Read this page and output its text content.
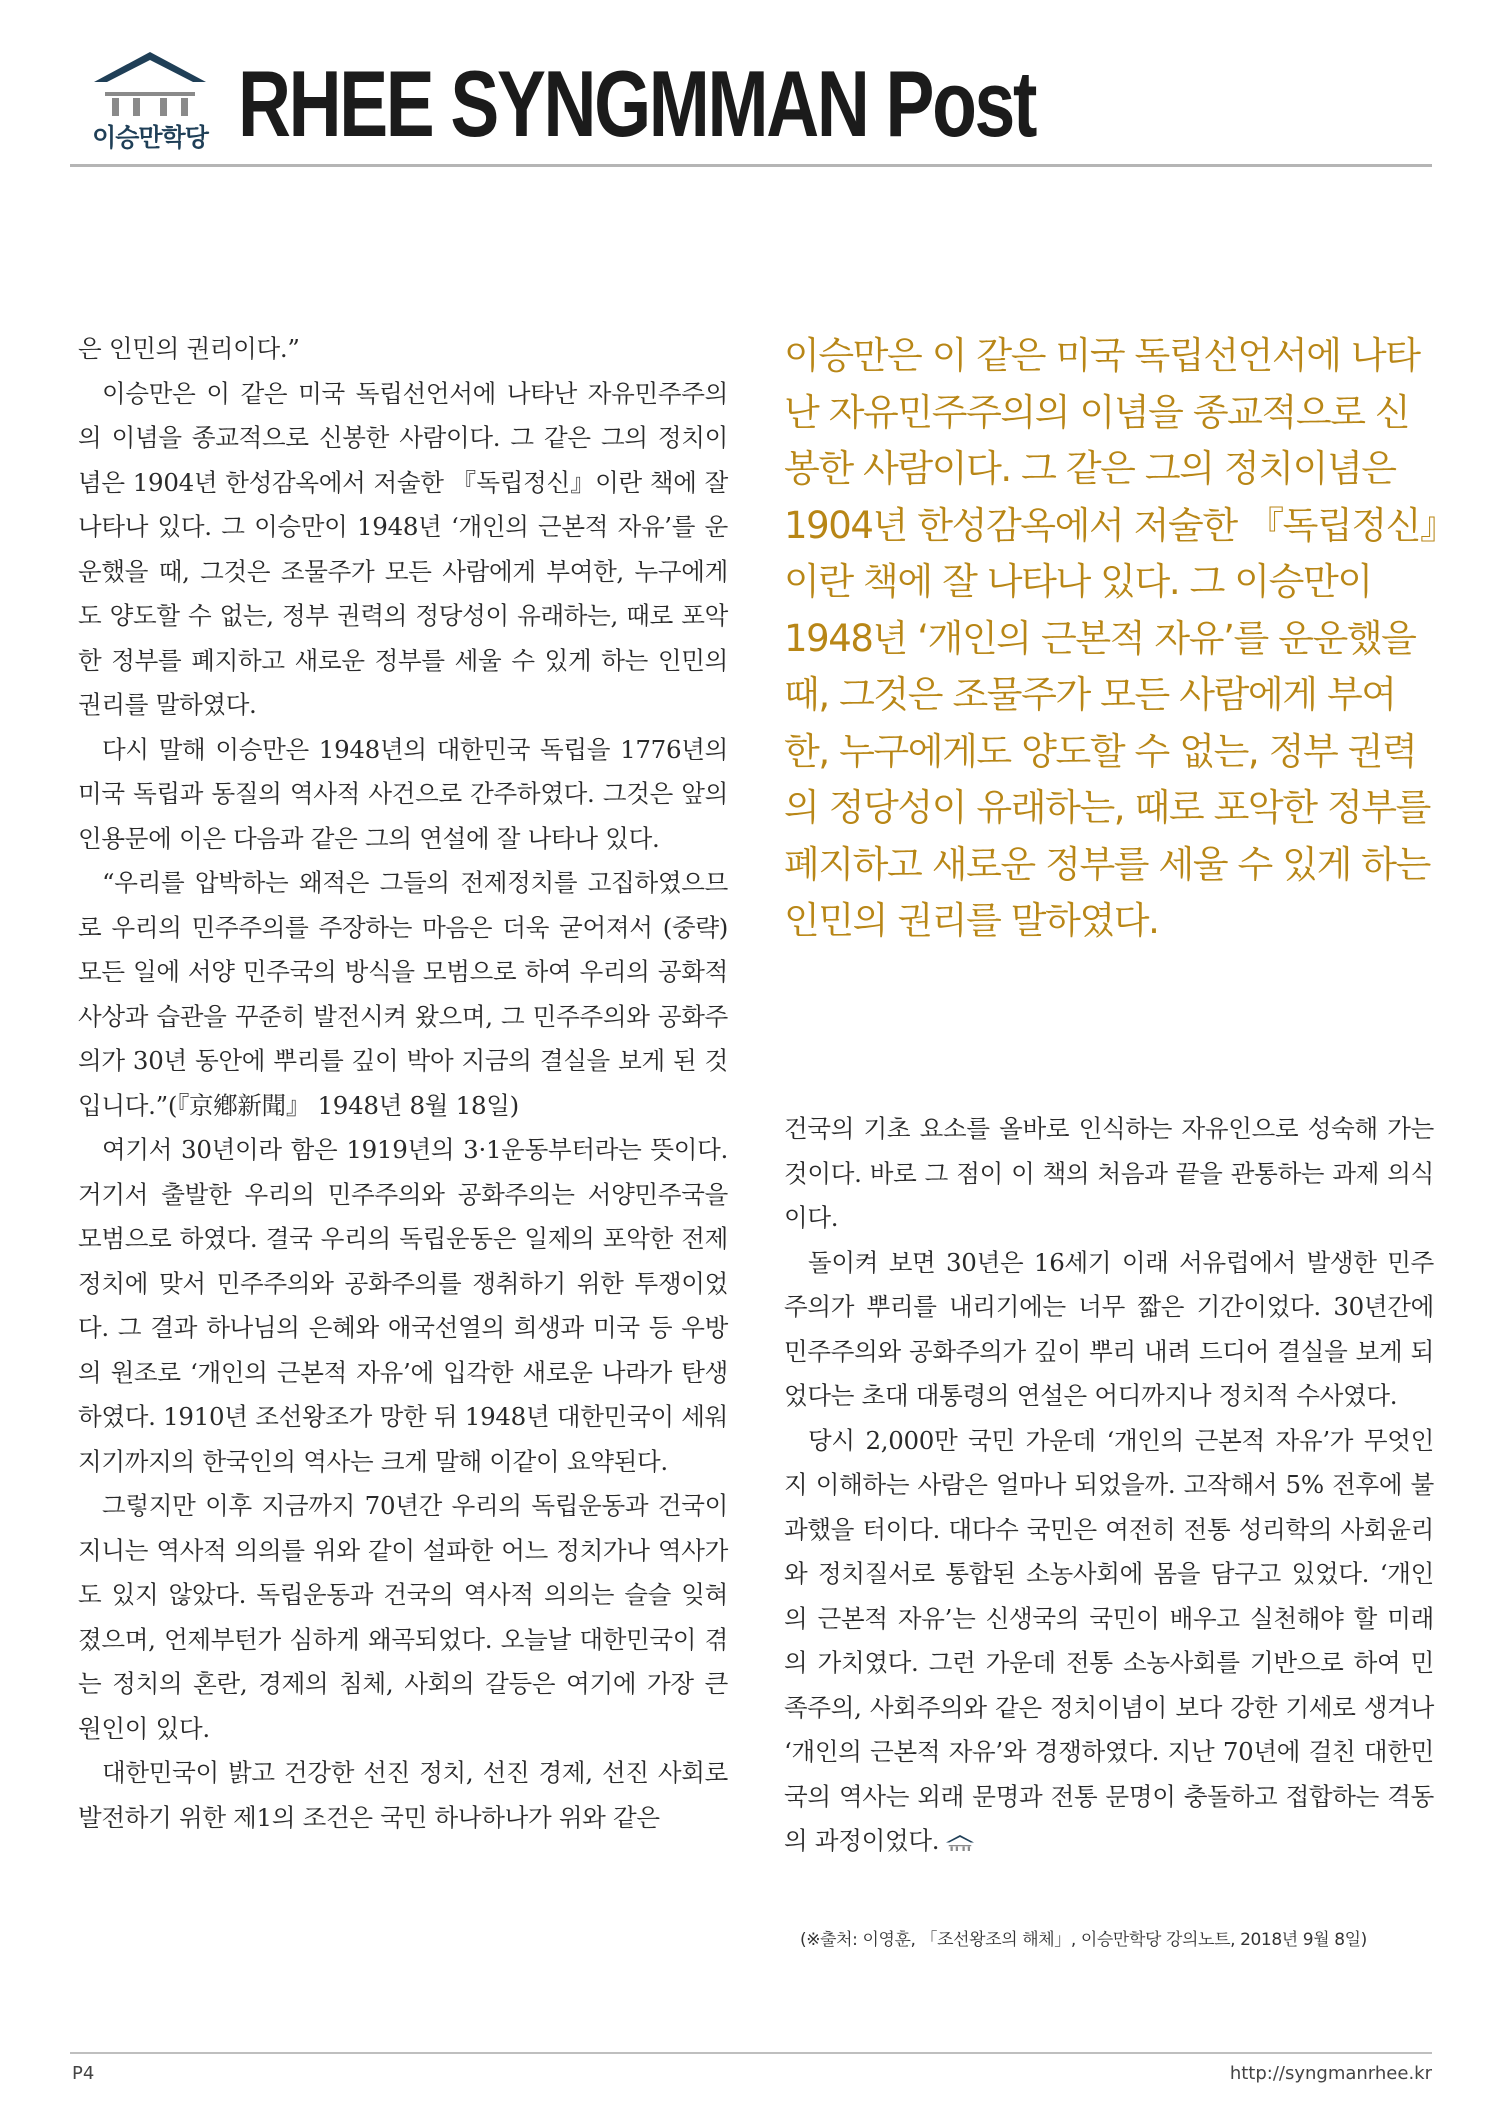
이승만학당 RHEE SYNGMMAN Post

은 인민의 권리이다.”

이승만은 이 같은 미국 독립선언서에 나타난 자유민주주의의 이념을 종교적으로 신봉한 사람이다. 그 같은 그의 정치이념은 1904년 한성감옥에서 저술한 『독립정신』이란 책에 잘 나타나 있다. 그 이승만이 1948년 ‘개인의 근본적 자유’를 운운했을 때, 그것은 조물주가 모든 사람에게 부여한, 누구에게도 양도할 수 없는, 정부 권력의 정당성이 유래하는, 때로 포악한 정부를 폐지하고 새로운 정부를 세울 수 있게 하는 인민의 권리를 말하였다.

다시 말해 이승만은 1948년의 대한민국 독립을 1776년의 미국 독립과 동질의 역사적 사건으로 간주하였다. 그것은 앞의 인용문에 이은 다음과 같은 그의 연설에 잘 나타나 있다.

“우리를 압박하는 왜적은 그들의 전제정치를 고집하였으므로 우리의 민주주의를 주장하는 마음은 더욱 굳어져서 (중략) 모든 일에 서양 민주국의 방식을 모범으로 하여 우리의 공화적 사상과 습관을 꾸준히 발전시켜 왔으며, 그 민주주의와 공화주의가 30년 동안에 뿌리를 깊이 박아 지금의 결실을 보게 된 것입니다.”(『京鄕新聞』 1948년 8월 18일)

여기서 30년이라 함은 1919년의 3·1운동부터라는 뜻이다. 거기서 출발한 우리의 민주주의와 공화주의는 서양민주국을 모범으로 하였다. 결국 우리의 독립운동은 일제의 포악한 전제정치에 맞서 민주주의와 공화주의를 쟁취하기 위한 투쟁이었다. 그 결과 하나님의 은혜와 애국선열의 희생과 미국 등 우방의 원조로 ‘개인의 근본적 자유’에 입각한 새로운 나라가 탄생하였다. 1910년 조선왕조가 망한 뒤 1948년 대한민국이 세워지기까지의 한국인의 역사는 크게 말해 이같이 요약된다.

그렇지만 이후 지금까지 70년간 우리의 독립운동과 건국이 지니는 역사적 의의를 위와 같이 설파한 어느 정치가나 역사가도 있지 않았다. 독립운동과 건국의 역사적 의의는 슬슬 잊혀졌으며, 언제부턴가 심하게 왜곡되었다. 오늘날 대한민국이 겪는 정치의 혼란, 경제의 침체, 사회의 갈등은 여기에 가장 큰 원인이 있다.

대한민국이 밝고 건강한 선진 정치, 선진 경제, 선진 사회로 발전하기 위한 제1의 조건은 국민 하나하나가 위와 같은

이승만은 이 같은 미국 독립선언서에 나타난 자유민주주의의 이념을 종교적으로 신봉한 사람이다. 그 같은 그의 정치이념은 1904년 한성감옥에서 저술한 『독립정신』이란 책에 잘 나타나 있다. 그 이승만이 1948년 ‘개인의 근본적 자유’를 운운했을 때, 그것은 조물주가 모든 사람에게 부여한, 누구에게도 양도할 수 없는, 정부 권력의 정당성이 유래하는, 때로 포악한 정부를 폐지하고 새로운 정부를 세울 수 있게 하는 인민의 권리를 말하였다.

건국의 기초 요소를 올바로 인식하는 자유인으로 성숙해 가는 것이다. 바로 그 점이 이 책의 처음과 끝을 관통하는 과제 의식이다.

돌이켜 보면 30년은 16세기 이래 서유럽에서 발생한 민주주의가 뿌리를 내리기에는 너무 짧은 기간이었다. 30년간에 민주주의와 공화주의가 깊이 뿌리 내려 드디어 결실을 보게 되었다는 초대 대통령의 연설은 어디까지나 정치적 수사였다.

당시 2,000만 국민 가운데 ‘개인의 근본적 자유’가 무엇인지 이해하는 사람은 얼마나 되었을까. 고작해서 5% 전후에 불과했을 터이다. 대다수 국민은 여전히 전통 성리학의 사회윤리와 정치질서로 통합된 소농사회에 몸을 담구고 있었다. ‘개인의 근본적 자유’는 신생국의 국민이 배우고 실천해야 할 미래의 가치였다. 그런 가운데 전통 소농사회를 기반으로 하여 민족주의, 사회주의와 같은 정치이념이 보다 강한 기세로 생겨나 ‘개인의 근본적 자유’와 경쟁하였다. 지난 70년에 걸친 대한민국의 역사는 외래 문명과 전통 문명이 충돌하고 접합하는 격동의 과정이었다.

(※출처: 이영훈, 「조선왕조의 해체」, 이승만학당 강의노트, 2018년 9월 8일)
P4	http://syngmanrhee.kr
